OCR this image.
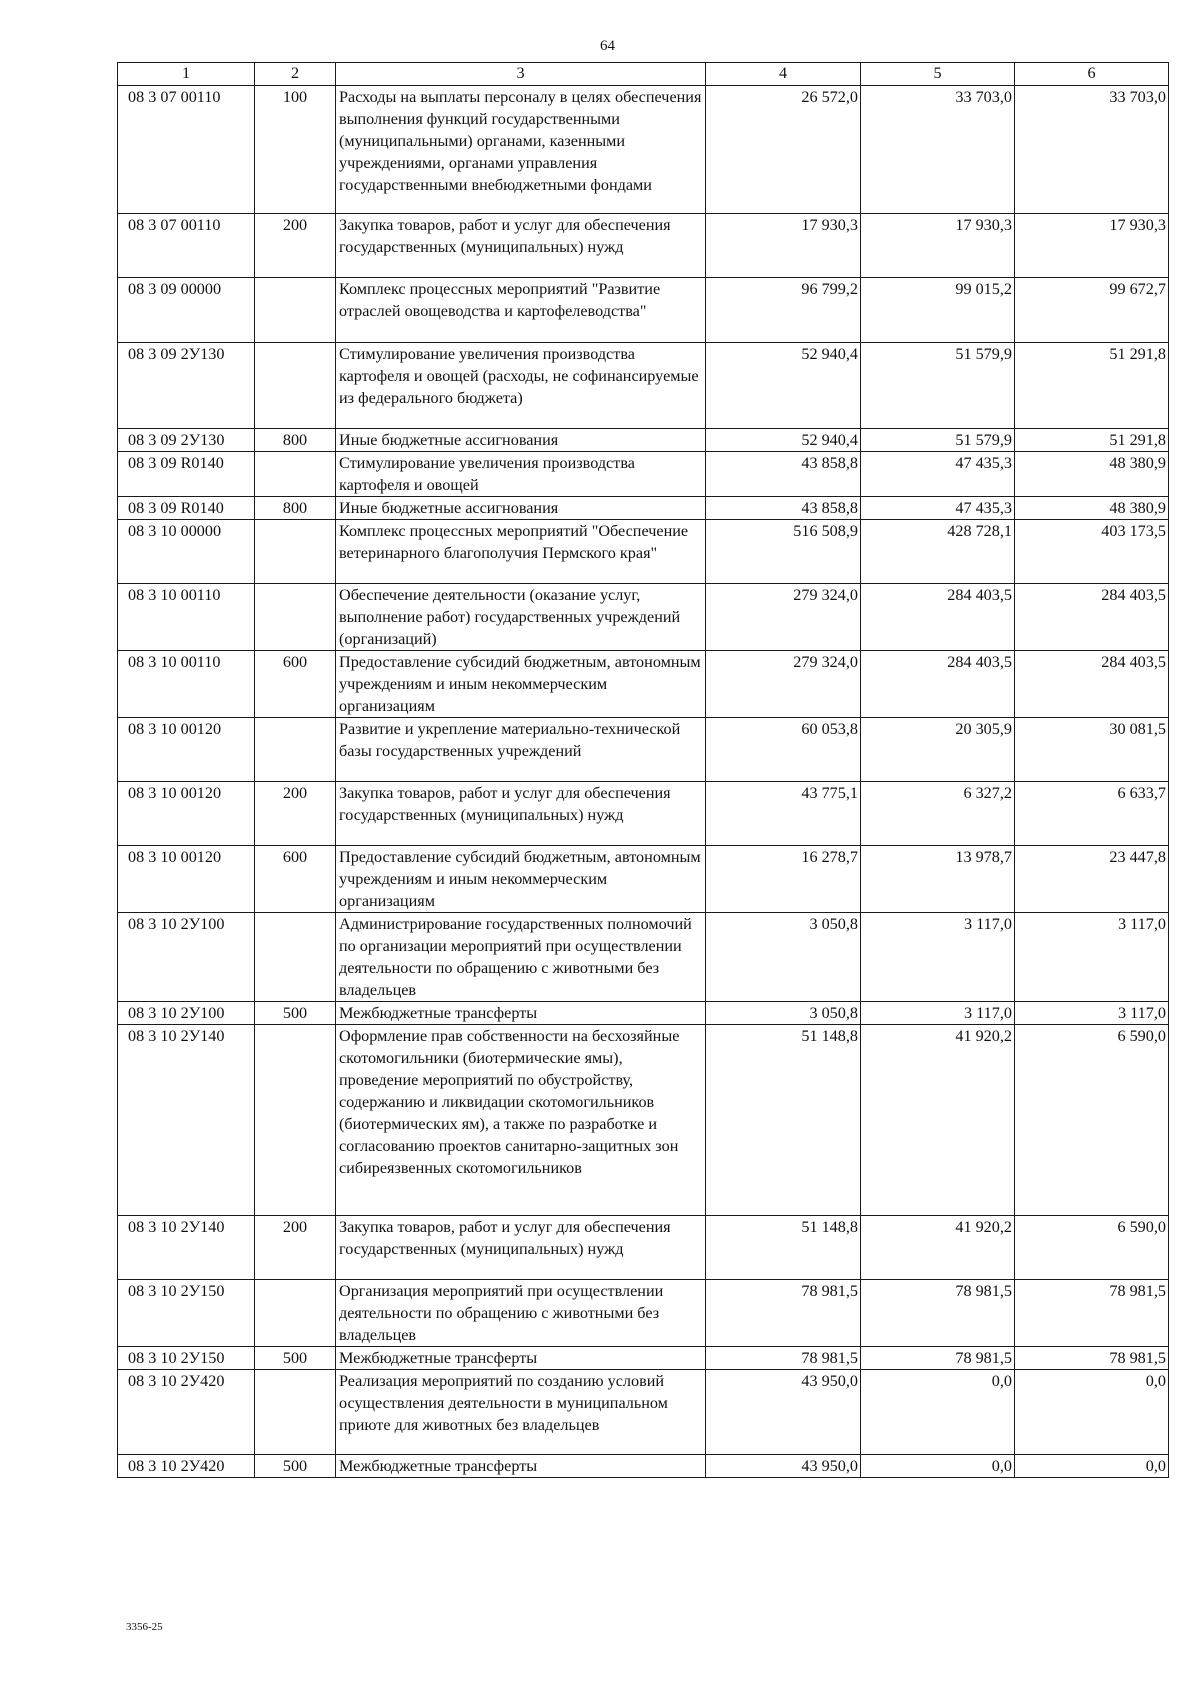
64
1	2	3	4	5	6
08 3 07 00110	100	Расходы на выплаты персоналу в целях обеспечения выполнения функций государственными (муниципальными) органами, казенными учреждениями, органами управления государственными внебюджетными фондами	26 572,0	33 703,0	33 703,0
08 3 07 00110	200	Закупка товаров, работ и услуг для обеспечения государственных (муниципальных) нужд	17 930,3	17 930,3	17 930,3
08 3 09 00000		Комплекс процессных мероприятий "Развитие отраслей овощеводства и картофелеводства"	96 799,2	99 015,2	99 672,7
08 3 09 2У130		Стимулирование увеличения производства картофеля и овощей (расходы, не софинансируемые из федерального бюджета)	52 940,4	51 579,9	51 291,8
08 3 09 2У130	800	Иные бюджетные ассигнования	52 940,4	51 579,9	51 291,8
08 3 09 R0140		Стимулирование увеличения производства картофеля и овощей	43 858,8	47 435,3	48 380,9
08 3 09 R0140	800	Иные бюджетные ассигнования	43 858,8	47 435,3	48 380,9
08 3 10 00000		Комплекс процессных мероприятий "Обеспечение ветеринарного благополучия Пермского края"	516 508,9	428 728,1	403 173,5
08 3 10 00110		Обеспечение деятельности (оказание услуг, выполнение работ) государственных учреждений (организаций)	279 324,0	284 403,5	284 403,5
08 3 10 00110	600	Предоставление субсидий бюджетным, автономным учреждениям и иным некоммерческим организациям	279 324,0	284 403,5	284 403,5
08 3 10 00120		Развитие и укрепление материально-технической базы государственных учреждений	60 053,8	20 305,9	30 081,5
08 3 10 00120	200	Закупка товаров, работ и услуг для обеспечения государственных (муниципальных) нужд	43 775,1	6 327,2	6 633,7
08 3 10 00120	600	Предоставление субсидий бюджетным, автономным учреждениям и иным некоммерческим организациям	16 278,7	13 978,7	23 447,8
08 3 10 2У100		Администрирование государственных полномочий по организации мероприятий при осуществлении деятельности по обращению с животными без владельцев	3 050,8	3 117,0	3 117,0
08 3 10 2У100	500	Межбюджетные трансферты	3 050,8	3 117,0	3 117,0
08 3 10 2У140		Оформление прав собственности на бесхозяйные скотомогильники (биотермические ямы), проведение мероприятий по обустройству, содержанию и ликвидации скотомогильников (биотермических ям), а также по разработке и согласованию проектов санитарно-защитных зон сибиреязвенных скотомогильников	51 148,8	41 920,2	6 590,0
08 3 10 2У140	200	Закупка товаров, работ и услуг для обеспечения государственных (муниципальных) нужд	51 148,8	41 920,2	6 590,0
08 3 10 2У150		Организация мероприятий при осуществлении деятельности по обращению с животными без владельцев	78 981,5	78 981,5	78 981,5
08 3 10 2У150	500	Межбюджетные трансферты	78 981,5	78 981,5	78 981,5
08 3 10 2У420		Реализация мероприятий по созданию условий осуществления деятельности в муниципальном приюте для животных без владельцев	43 950,0	0,0	0,0
08 3 10 2У420	500	Межбюджетные трансферты	43 950,0	0,0	0,0
3356-25
